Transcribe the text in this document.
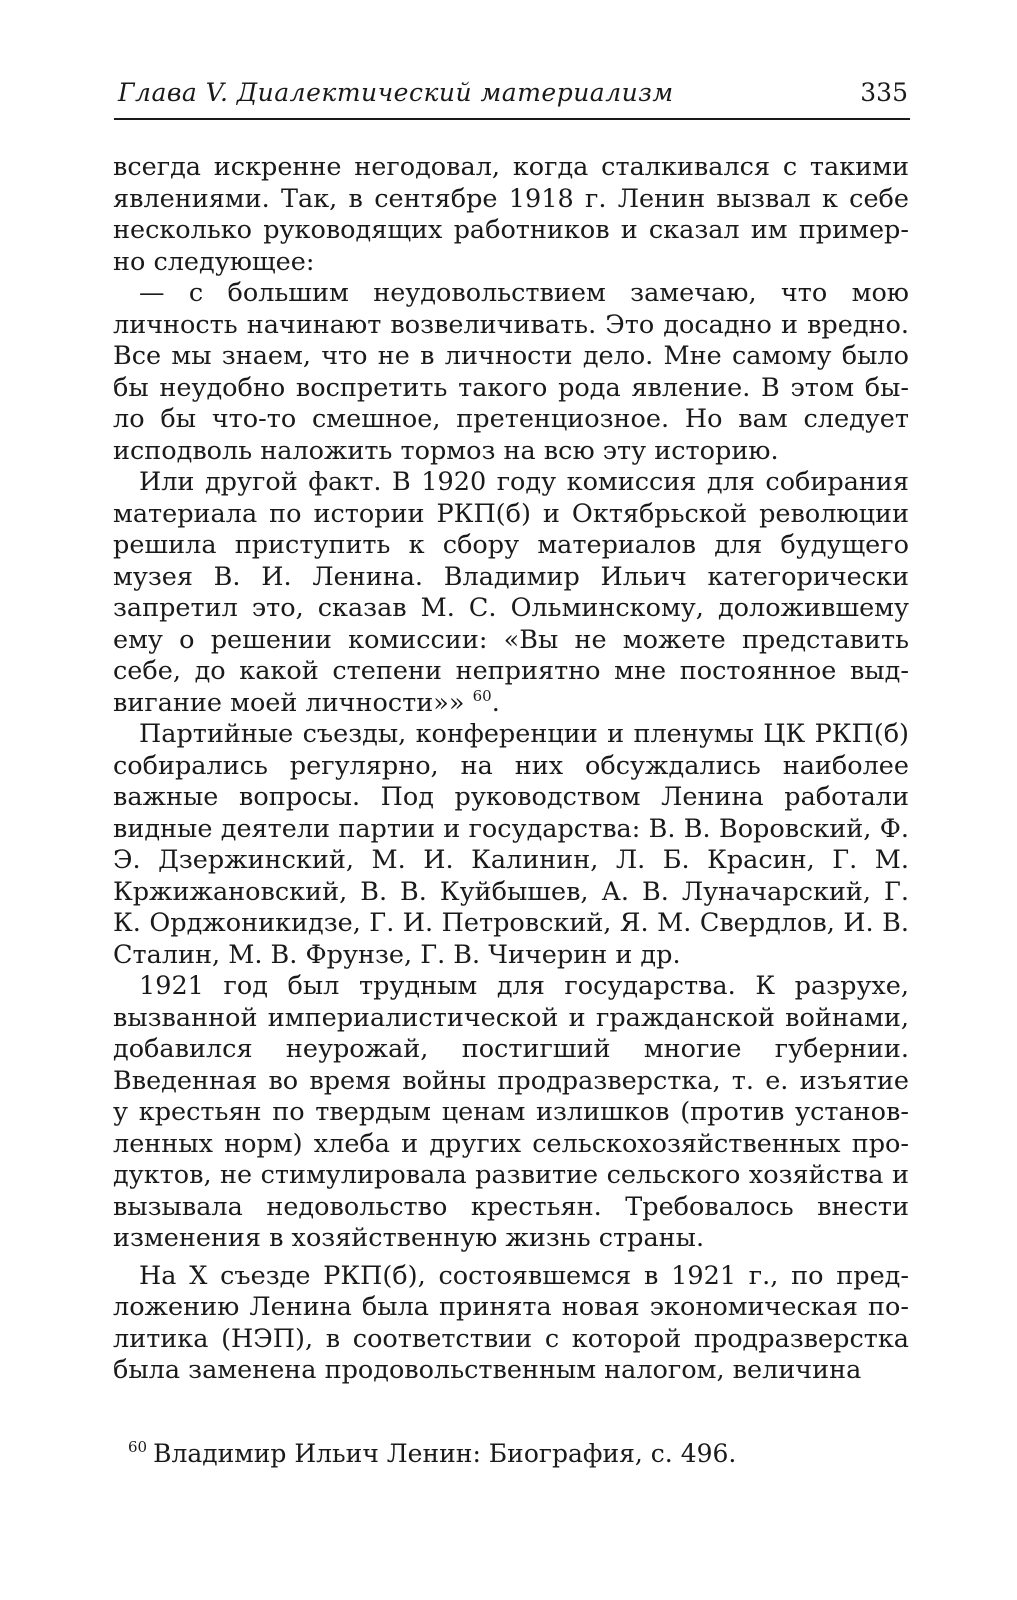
Глава V. Диалектический материализм	335

всегда искренне негодовал, когда сталкивался с такими явлениями. Так, в сентябре 1918 г. Ленин вызвал к себе несколько руководящих работников и сказал им примерно следующее:

— с большим неудовольствием замечаю, что мою личность начинают возвеличивать. Это досадно и вредно. Все мы знаем, что не в личности дело. Мне самому было бы неудобно воспретить такого рода явление. В этом было бы что-то смешное, претенциозное. Но вам следует исподволь наложить тормоз на всю эту историю.

Или другой факт. В 1920 году комиссия для собирания материала по истории РКП(б) и Октябрьской революции решила приступить к сбору материалов для будущего музея В. И. Ленина. Владимир Ильич категорически запретил это, сказав М. С. Ольминскому, доложившему ему о решении комиссии: «Вы не можете представить себе, до какой степени неприятно мне постоянное выдвигание моей личности»» $^{60}$.

Партийные съезды, конференции и пленумы ЦК РКП(б) собирались регулярно, на них обсуждались наиболее важные вопросы. Под руководством Ленина работали видные деятели партии и государства: В. В. Воровский, Ф. Э. Дзержинский, М. И. Калинин, Л. Б. Красин, Г. М. Кржижановский, В. В. Куйбышев, А. В. Луначарский, Г. К. Орджоникидзе, Г. И. Петровский, Я. М. Свердлов, И. В. Сталин, М. В. Фрунзе, Г. В. Чичерин и др.

1921 год был трудным для государства. К разрухе, вызванной империалистической и гражданской войнами, добавился неурожай, постигший многие губернии. Введенная во время войны продразверстка, т. е. изъятие у крестьян по твердым ценам излишков (против установленных норм) хлеба и других сельскохозяйственных продуктов, не стимулировала развитие сельского хозяйства и вызывала недовольство крестьян. Требовалось внести изменения в хозяйственную жизнь страны.

На X съезде РКП(б), состоявшемся в 1921 г., по предложению Ленина была принята новая экономическая политика (НЭП), в соответствии с которой продразверстка была заменена продовольственным налогом, величина

$^{60}$ Владимир Ильич Ленин: Биография, с. 496.
